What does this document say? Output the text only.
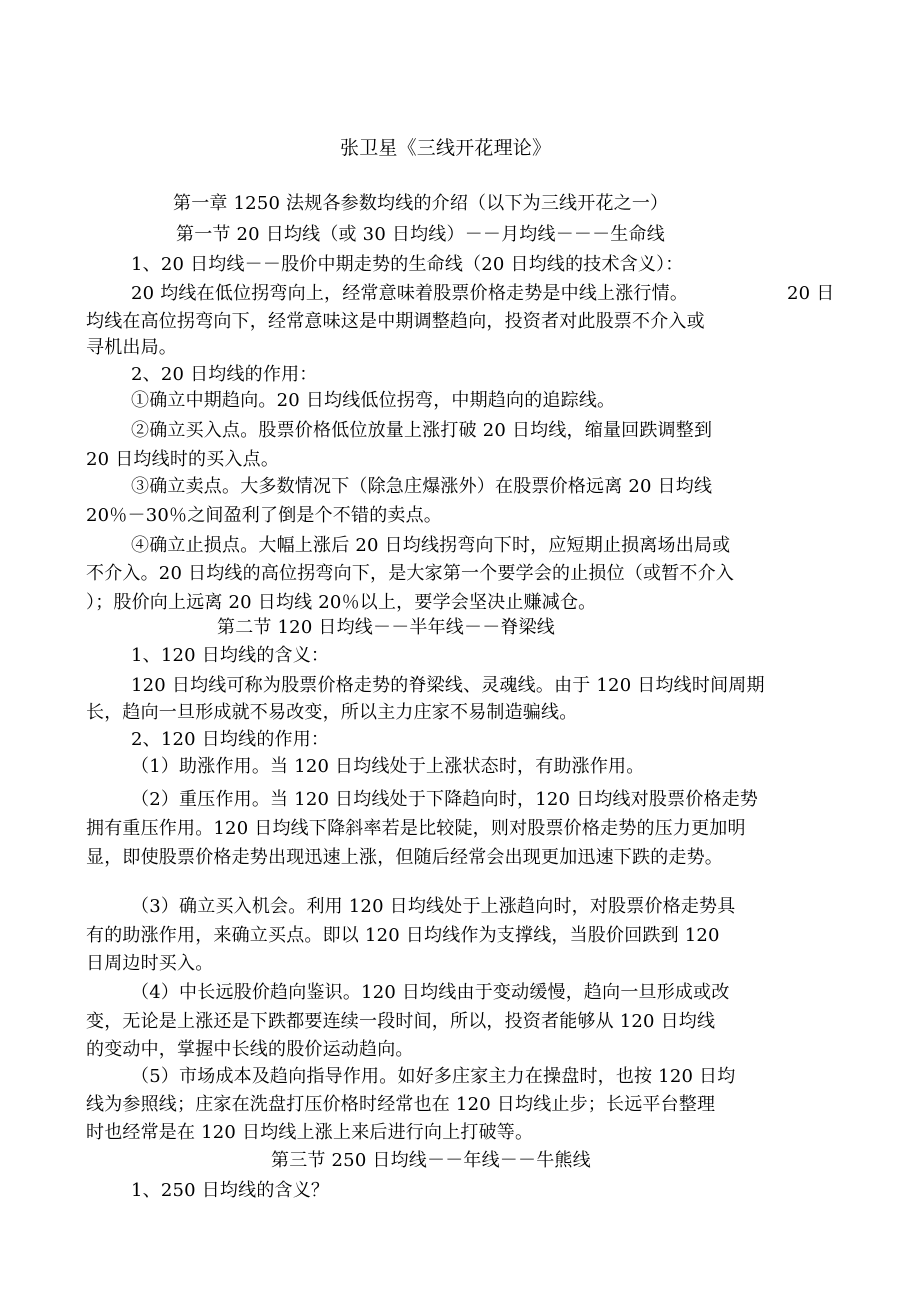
张卫星《三线开花理论》
第一章 1250 法规各参数均线的介绍（以下为三线开花之一）
第一节 20 日均线（或 30 日均线）－－月均线－－－生命线
1、20 日均线－－股价中期走势的生命线（20 日均线的技术含义）：
20 均线在低位拐弯向上，经常意味着股票价格走势是中线上涨行情。	20 日
均线在高位拐弯向下，经常意味这是中期调整趋向，投资者对此股票不介入或
寻机出局。
2、20 日均线的作用：
①确立中期趋向。20 日均线低位拐弯，中期趋向的追踪线。
②确立买入点。股票价格低位放量上涨打破 20 日均线，缩量回跌调整到
20 日均线时的买入点。
③确立卖点。大多数情况下（除急庄爆涨外）在股票价格远离 20 日均线
20％－30％之间盈利了倒是个不错的卖点。
④确立止损点。大幅上涨后 20 日均线拐弯向下时，应短期止损离场出局或
不介入。20 日均线的高位拐弯向下，是大家第一个要学会的止损位（或暂不介入
）；股价向上远离 20 日均线 20％以上，要学会坚决止赚减仓。
第二节 120 日均线－－半年线－－脊梁线
1、120 日均线的含义：
120 日均线可称为股票价格走势的脊梁线、灵魂线。由于 120 日均线时间周期
长，趋向一旦形成就不易改变，所以主力庄家不易制造骗线。
2、120 日均线的作用：
（1）助涨作用。当 120 日均线处于上涨状态时，有助涨作用。
（2）重压作用。当 120 日均线处于下降趋向时，120 日均线对股票价格走势
拥有重压作用。120 日均线下降斜率若是比较陡，则对股票价格走势的压力更加明
显，即使股票价格走势出现迅速上涨，但随后经常会出现更加迅速下跌的走势。
（3）确立买入机会。利用 120 日均线处于上涨趋向时，对股票价格走势具
有的助涨作用，来确立买点。即以 120 日均线作为支撑线，当股价回跌到 120
日周边时买入。
（4）中长远股价趋向鉴识。120 日均线由于变动缓慢，趋向一旦形成或改
变，无论是上涨还是下跌都要连续一段时间，所以，投资者能够从 120 日均线
的变动中，掌握中长线的股价运动趋向。
（5）市场成本及趋向指导作用。如好多庄家主力在操盘时，也按 120 日均
线为参照线；庄家在洗盘打压价格时经常也在 120 日均线止步；长远平台整理
时也经常是在 120 日均线上涨上来后进行向上打破等。
第三节 250 日均线－－年线－－牛熊线
1、250 日均线的含义？
